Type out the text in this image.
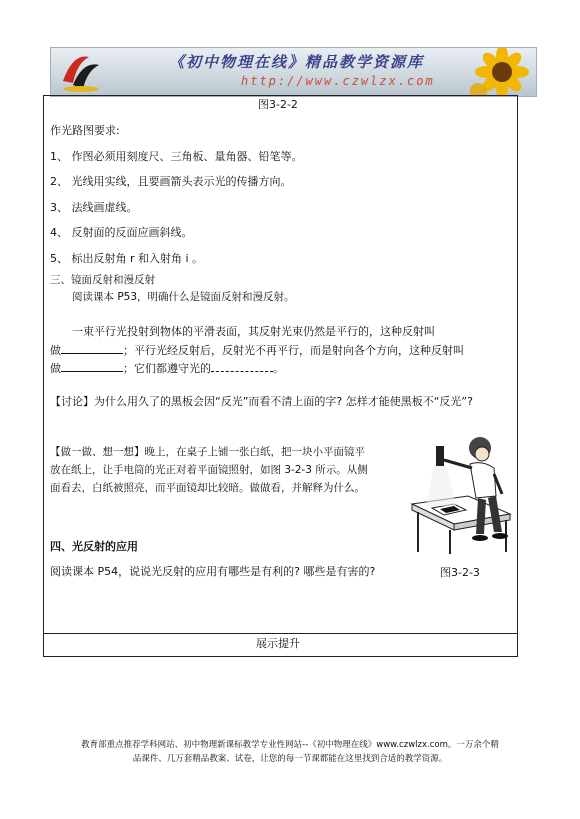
《初中物理在线》精品教学资源库
http://www.czwlzx.com
图3-2-2
作光路图要求:
1、 作图必须用刻度尺、三角板、量角器、铅笔等。
2、 光线用实线，且要画箭头表示光的传播方向。
3、 法线画虚线。
4、 反射面的反面应画斜线。
5、 标出反射角 r 和入射角 i 。
三、镜面反射和漫反射
阅读课本 P53，明确什么是镜面反射和漫反射。
一束平行光投射到物体的平滑表面，其反射光束仍然是平行的，这种反射叫
做	；平行光经反射后，反射光不再平行，而是射向各个方向，这种反射叫
做	；它们都遵守光的	。
【讨论】为什么用久了的黑板会因“反光”而看不清上面的字? 怎样才能使黑板不“反光”?
【做一做、想一想】晚上，在桌子上铺一张白纸，把一块小平面镜平
放在纸上，让手电筒的光正对着平面镜照射，如图 3-2-3 所示。从侧
面看去，白纸被照亮，而平面镜却比较暗。做做看，并解释为什么。
四、光反射的应用
阅读课本 P54，说说光反射的应用有哪些是有利的? 哪些是有害的?	图3-2-3
展示提升
教育部重点推荐学科网站、初中物理新课标教学专业性网站--《初中物理在线》www.czwlzx.com。一万余个精
品课件、几万套精品教案、试卷，让您的每一节课都能在这里找到合适的教学资源。
